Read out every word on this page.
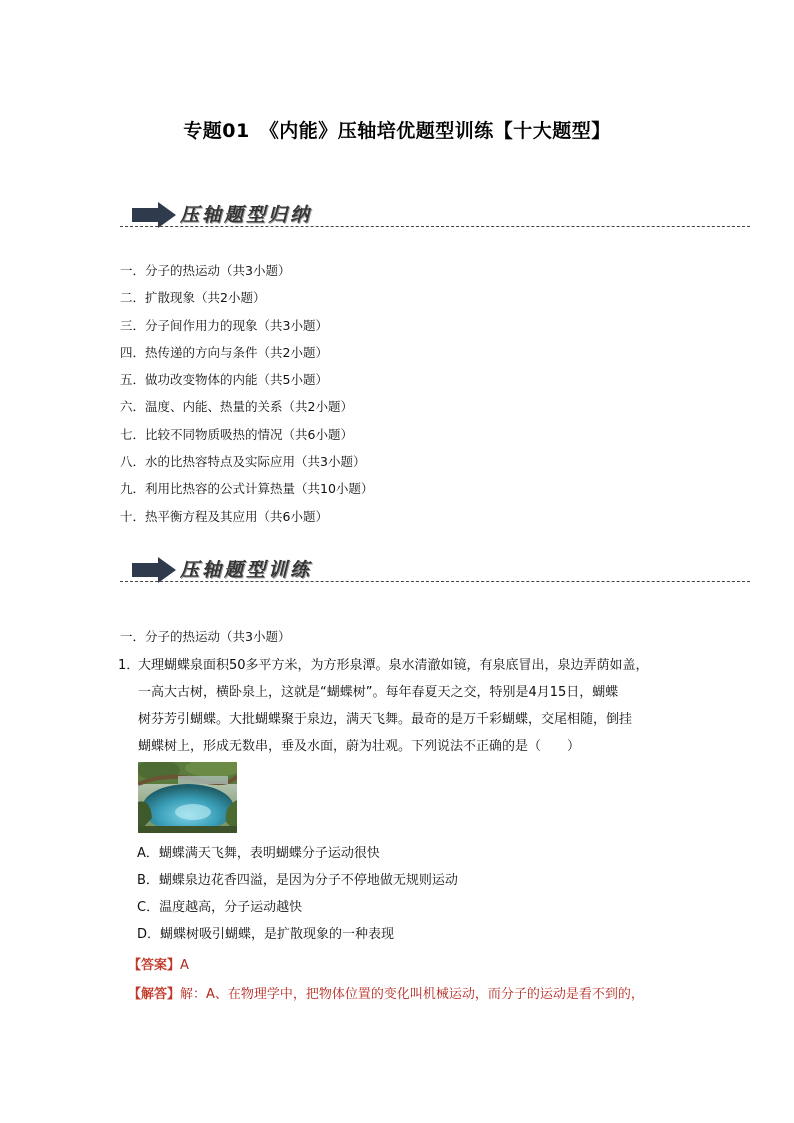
专题01　《内能》压轴培优题型训练【十大题型】
压轴题型归纳
一．分子的热运动（共3小题）
二．扩散现象（共2小题）
三．分子间作用力的现象（共3小题）
四．热传递的方向与条件（共2小题）
五．做功改变物体的内能（共5小题）
六．温度、内能、热量的关系（共2小题）
七．比较不同物质吸热的情况（共6小题）
八．水的比热容特点及实际应用（共3小题）
九．利用比热容的公式计算热量（共10小题）
十．热平衡方程及其应用（共6小题）
压轴题型训练
一．分子的热运动（共3小题）
1．
大理蝴蝶泉面积50多平方米，为方形泉潭。泉水清澈如镜，有泉底冒出，泉边弄荫如盖，
一高大古树，横卧泉上，这就是“蝴蝶树”。每年春夏天之交，特别是4月15日，蝴蝶
树芬芳引蝴蝶。大批蝴蝶聚于泉边，满天飞舞。最奇的是万千彩蝴蝶，交尾相随，倒挂
蝴蝶树上，形成无数串，垂及水面，蔚为壮观。下列说法不正确的是（　　）
A．蝴蝶满天飞舞，表明蝴蝶分子运动很快
B．蝴蝶泉边花香四溢，是因为分子不停地做无规则运动
C．温度越高，分子运动越快
D．蝴蝶树吸引蝴蝶，是扩散现象的一种表现
【答案】A
【解答】解：A、在物理学中，把物体位置的变化叫机械运动，而分子的运动是看不到的，
